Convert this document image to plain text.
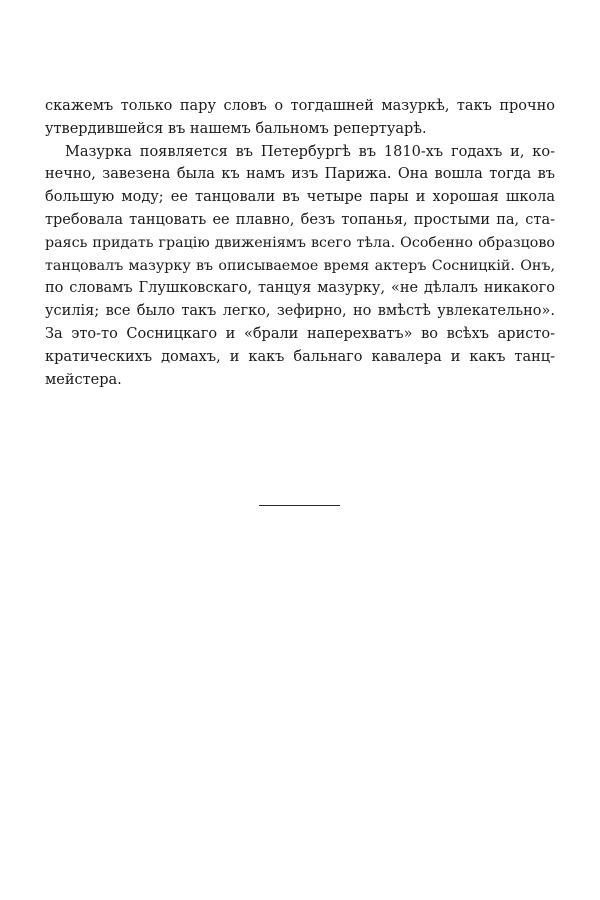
скажемъ только пару словъ о тогдашней мазуркѣ, такъ прочно
утвердившейся въ нашемъ бальномъ репертуарѣ.
Мазурка появляется въ Петербургѣ въ 1810-хъ годахъ и, ко-
нечно, завезена была къ намъ изъ Парижа. Она вошла тогда въ
большую моду; ее танцовали въ четыре пары и хорошая школа
требовала танцовать ее плавно, безъ топанья, простыми па, ста-
раясь придать грацію движеніямъ всего тѣла. Особенно образцово
танцовалъ мазурку въ описываемое время актеръ Сосницкій. Онъ,
по словамъ Глушковскаго, танцуя мазурку, «не дѣлалъ никакого
усилія; все было такъ легко, зефирно, но вмѣстѣ увлекательно».
За это-то Сосницкаго и «брали наперехватъ» во всѣхъ аристо-
кратическихъ домахъ, и какъ бальнаго кавалера и какъ танц-
мейстера.
